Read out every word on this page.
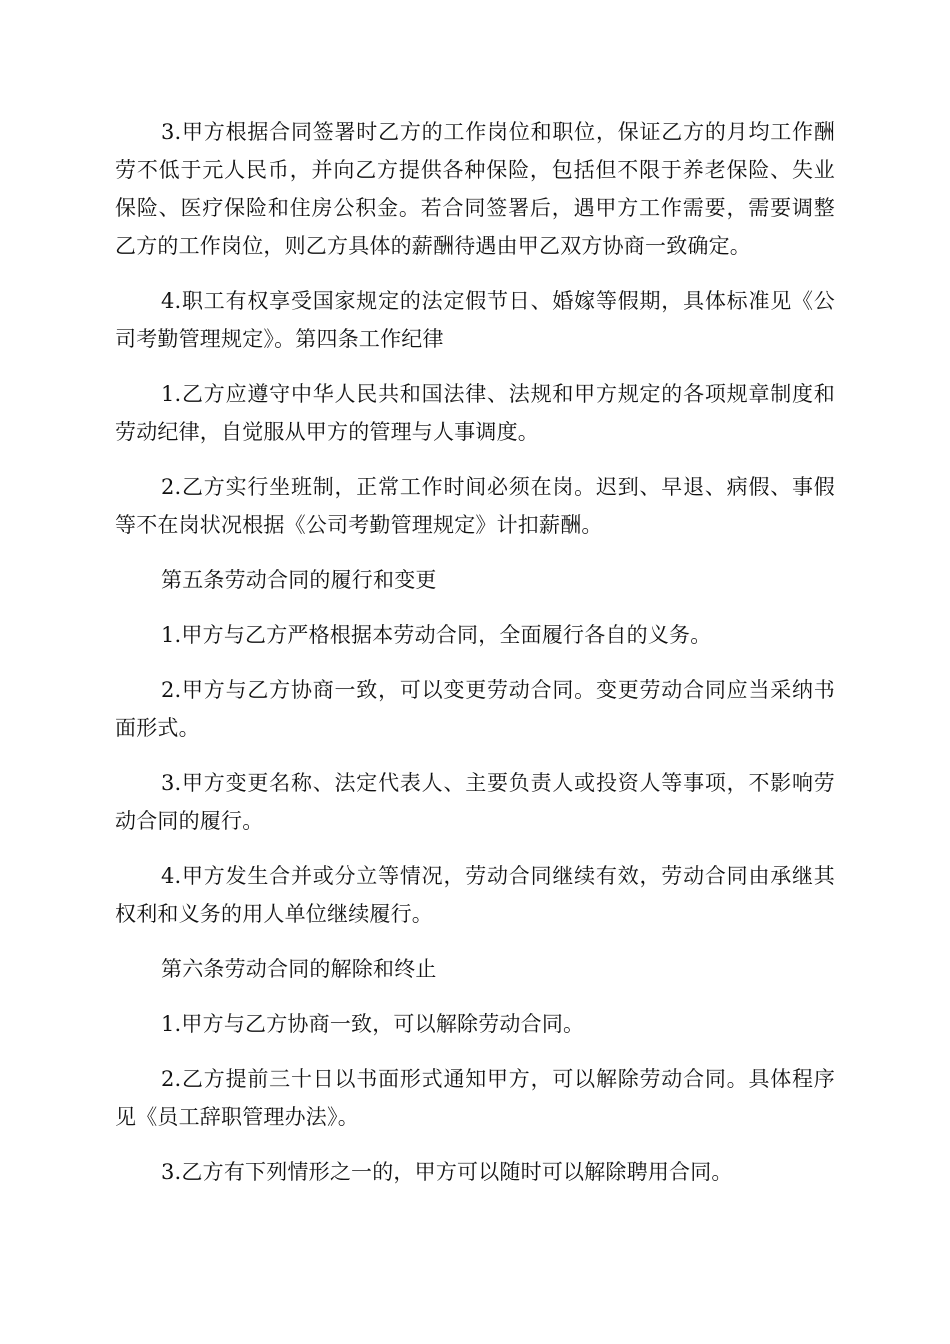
3.甲方根据合同签署时乙方的工作岗位和职位，保证乙方的月均工作酬劳不低于元人民币，并向乙方提供各种保险，包括但不限于养老保险、失业保险、医疗保险和住房公积金。若合同签署后，遇甲方工作需要，需要调整乙方的工作岗位，则乙方具体的薪酬待遇由甲乙双方协商一致确定。

4.职工有权享受国家规定的法定假节日、婚嫁等假期，具体标准见《公司考勤管理规定》。第四条工作纪律

1.乙方应遵守中华人民共和国法律、法规和甲方规定的各项规章制度和劳动纪律，自觉服从甲方的管理与人事调度。

2.乙方实行坐班制，正常工作时间必须在岗。迟到、早退、病假、事假等不在岗状况根据《公司考勤管理规定》计扣薪酬。

第五条劳动合同的履行和变更

1.甲方与乙方严格根据本劳动合同，全面履行各自的义务。

2.甲方与乙方协商一致，可以变更劳动合同。变更劳动合同应当采纳书面形式。

3.甲方变更名称、法定代表人、主要负责人或投资人等事项，不影响劳动合同的履行。

4.甲方发生合并或分立等情况，劳动合同继续有效，劳动合同由承继其权利和义务的用人单位继续履行。

第六条劳动合同的解除和终止

1.甲方与乙方协商一致，可以解除劳动合同。

2.乙方提前三十日以书面形式通知甲方，可以解除劳动合同。具体程序见《员工辞职管理办法》。

3.乙方有下列情形之一的，甲方可以随时可以解除聘用合同。
